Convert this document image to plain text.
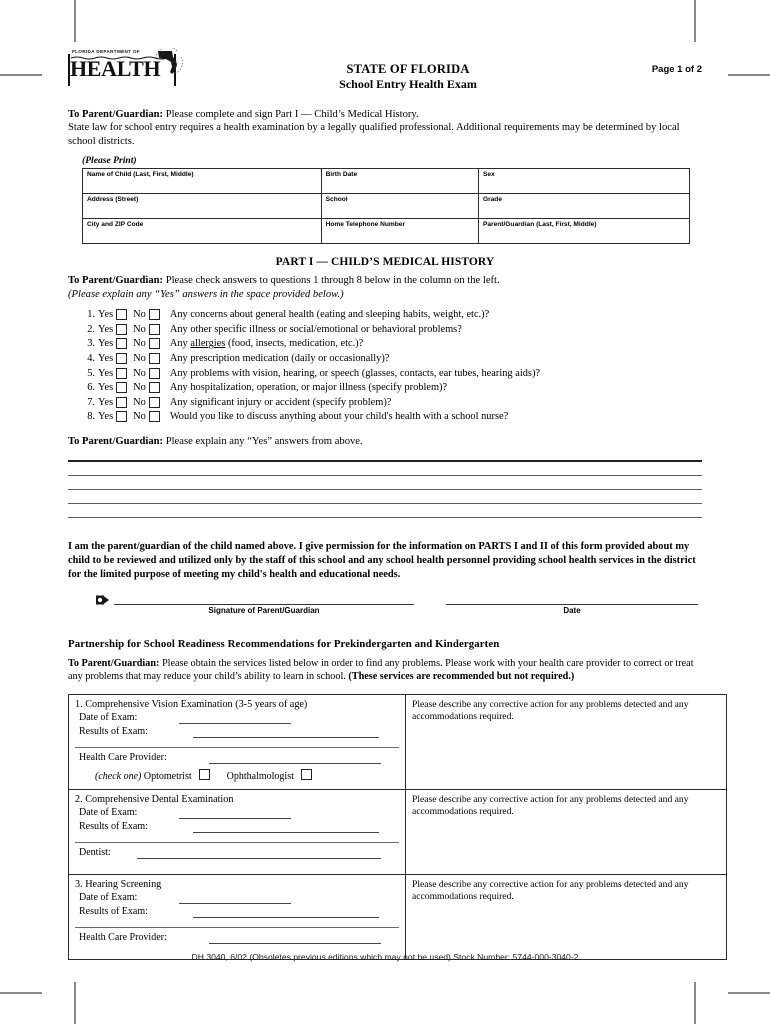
FLORIDA DEPARTMENT OF
HEALTH	STATE OF FLORIDA
School Entry Health Exam
Page 1 of 2
To Parent/Guardian: Please complete and sign Part I — Child’s Medical History.
State law for school entry requires a health examination by a legally qualified professional. Additional requirements may be determined by local school districts.
(Please Print)
Name of Child (Last, First, Middle)	Birth Date	Sex
Address (Street)	School	Grade
City and ZIP Code	Home Telephone Number	Parent/Guardian (Last, First, Middle)
PART I — CHILD’S MEDICAL HISTORY
To Parent/Guardian: Please check answers to questions 1 through 8 below in the column on the left.
(Please explain any “Yes” answers in the space provided below.)
1. Yes	No	Any concerns about general health (eating and sleeping habits, weight, etc.)?
2. Yes	No	Any other specific illness or social/emotional or behavioral problems?
3. Yes	No	Any allergies (food, insects, medication, etc.)?
4. Yes	No	Any prescription medication (daily or occasionally)?
5. Yes	No	Any problems with vision, hearing, or speech (glasses, contacts, ear tubes, hearing aids)?
6. Yes	No	Any hospitalization, operation, or major illness (specify problem)?
7. Yes	No	Any significant injury or accident (specify problem)?
8. Yes	No	Would you like to discuss anything about your child's health with a school nurse?
To Parent/Guardian: Please explain any “Yes” answers from above.
I am the parent/guardian of the child named above. I give permission for the information on PARTS I and II of this form provided about my child to be reviewed and utilized only by the staff of this school and any school health personnel providing school health services in the district for the limited purpose of meeting my child's health and educational needs.
Signature of Parent/Guardian	Date
Partnership for School Readiness Recommendations for Prekindergarten and Kindergarten
To Parent/Guardian: Please obtain the services listed below in order to find any problems. Please work with your health care provider to correct or treat any problems that may reduce your child’s ability to learn in school. (These services are recommended but not required.)
1. Comprehensive Vision Examination (3-5 years of age)
Date of Exam:
Results of Exam:
Health Care Provider:
(check one) Optometrist Ophthalmologist	Please describe any corrective action for any problems detected and any accommodations required.

2. Comprehensive Dental Examination
Date of Exam:
Results of Exam:
Dentist:	Please describe any corrective action for any problems detected and any accommodations required.

3. Hearing Screening
Date of Exam:
Results of Exam:
Health Care Provider:	Please describe any corrective action for any problems detected and any accommodations required.
DH 3040, 6/02 (Obsoletes previous editions which may not be used) Stock Number: 5744-000-3040-2
